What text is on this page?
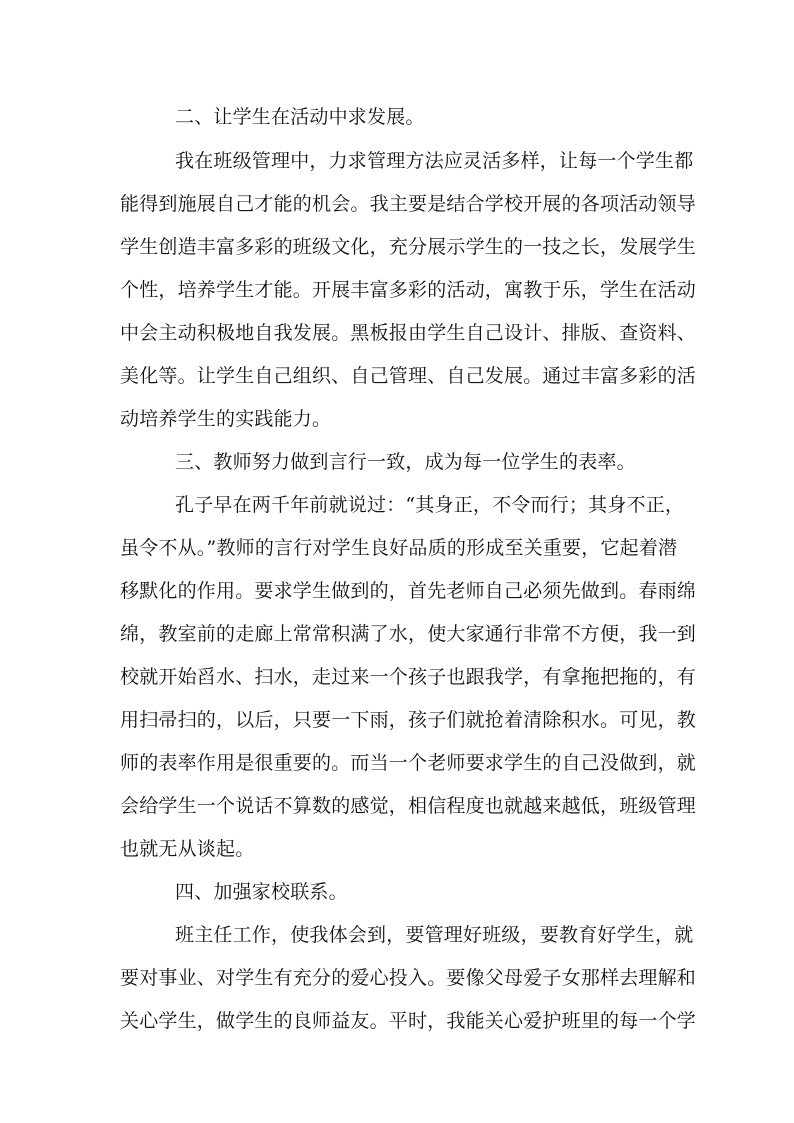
二、让学生在活动中求发展。
我在班级管理中，力求管理方法应灵活多样，让每一个学生都
能得到施展自己才能的机会。我主要是结合学校开展的各项活动领导
学生创造丰富多彩的班级文化，充分展示学生的一技之长，发展学生
个性，培养学生才能。开展丰富多彩的活动，寓教于乐，学生在活动
中会主动积极地自我发展。黑板报由学生自己设计、排版、查资料、
美化等。让学生自己组织、自己管理、自己发展。通过丰富多彩的活
动培养学生的实践能力。
三、教师努力做到言行一致，成为每一位学生的表率。
孔子早在两千年前就说过：“其身正，不令而行；其身不正，
虽令不从。”教师的言行对学生良好品质的形成至关重要，它起着潜
移默化的作用。要求学生做到的，首先老师自己必须先做到。春雨绵
绵，教室前的走廊上常常积满了水，使大家通行非常不方便，我一到
校就开始舀水、扫水，走过来一个孩子也跟我学，有拿拖把拖的，有
用扫帚扫的，以后，只要一下雨，孩子们就抢着清除积水。可见，教
师的表率作用是很重要的。而当一个老师要求学生的自己没做到，就
会给学生一个说话不算数的感觉，相信程度也就越来越低，班级管理
也就无从谈起。
四、加强家校联系。
班主任工作，使我体会到，要管理好班级，要教育好学生，就
要对事业、对学生有充分的爱心投入。要像父母爱子女那样去理解和
关心学生，做学生的良师益友。平时，我能关心爱护班里的每一个学
